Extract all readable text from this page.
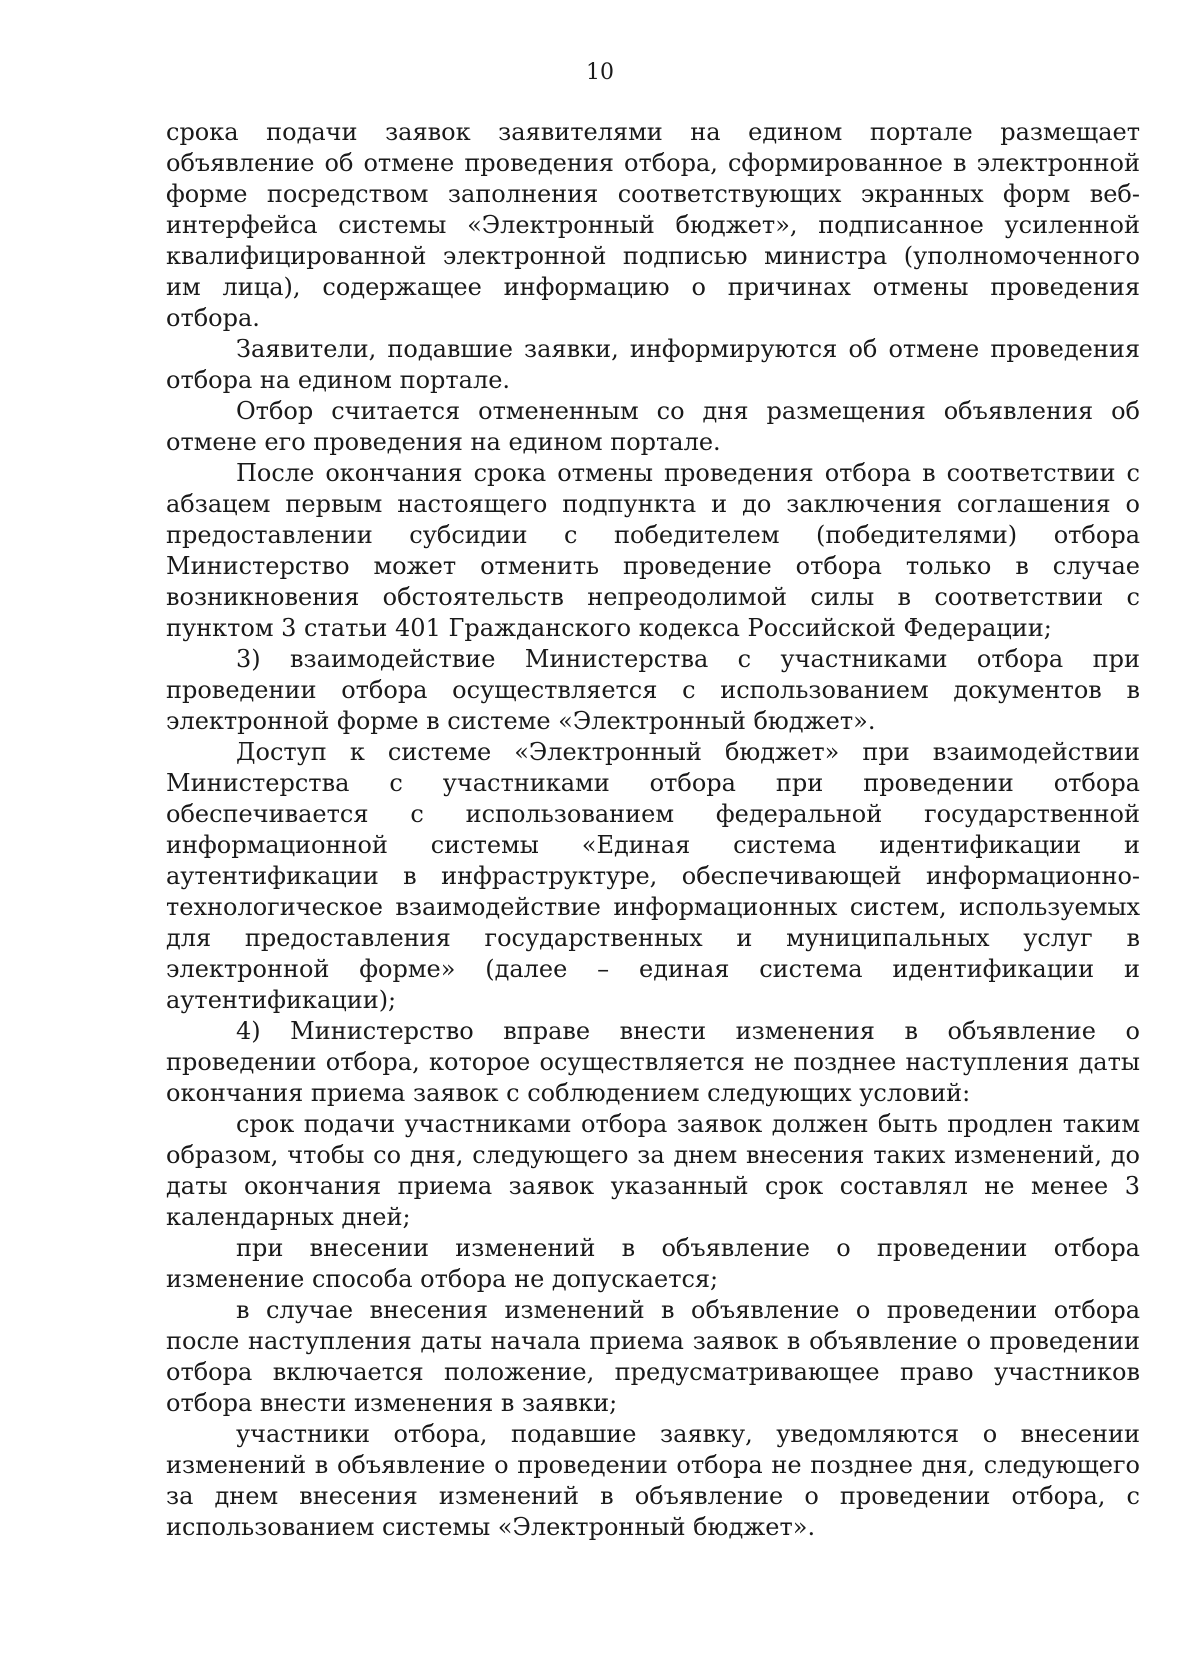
10

срока подачи заявок заявителями на едином портале размещает объявление об отмене проведения отбора, сформированное в электронной форме посредством заполнения соответствующих экранных форм веб-интерфейса системы «Электронный бюджет», подписанное усиленной квалифицированной электронной подписью министра (уполномоченного им лица), содержащее информацию о причинах отмены проведения отбора.

Заявители, подавшие заявки, информируются об отмене проведения отбора на едином портале.

Отбор считается отмененным со дня размещения объявления об отмене его проведения на едином портале.

После окончания срока отмены проведения отбора в соответствии с абзацем первым настоящего подпункта и до заключения соглашения о предоставлении субсидии с победителем (победителями) отбора Министерство может отменить проведение отбора только в случае возникновения обстоятельств непреодолимой силы в соответствии с пунктом 3 статьи 401 Гражданского кодекса Российской Федерации;

3) взаимодействие Министерства с участниками отбора при проведении отбора осуществляется с использованием документов в электронной форме в системе «Электронный бюджет».

Доступ к системе «Электронный бюджет» при взаимодействии Министерства с участниками отбора при проведении отбора обеспечивается с использованием федеральной государственной информационной системы «Единая система идентификации и аутентификации в инфраструктуре, обеспечивающей информационно-технологическое взаимодействие информационных систем, используемых для предоставления государственных и муниципальных услуг в электронной форме» (далее – единая система идентификации и аутентификации);

4) Министерство вправе внести изменения в объявление о проведении отбора, которое осуществляется не позднее наступления даты окончания приема заявок с соблюдением следующих условий:

срок подачи участниками отбора заявок должен быть продлен таким образом, чтобы со дня, следующего за днем внесения таких изменений, до даты окончания приема заявок указанный срок составлял не менее 3 календарных дней;

при внесении изменений в объявление о проведении отбора изменение способа отбора не допускается;

в случае внесения изменений в объявление о проведении отбора после наступления даты начала приема заявок в объявление о проведении отбора включается положение, предусматривающее право участников отбора внести изменения в заявки;

участники отбора, подавшие заявку, уведомляются о внесении изменений в объявление о проведении отбора не позднее дня, следующего за днем внесения изменений в объявление о проведении отбора, с использованием системы «Электронный бюджет».
